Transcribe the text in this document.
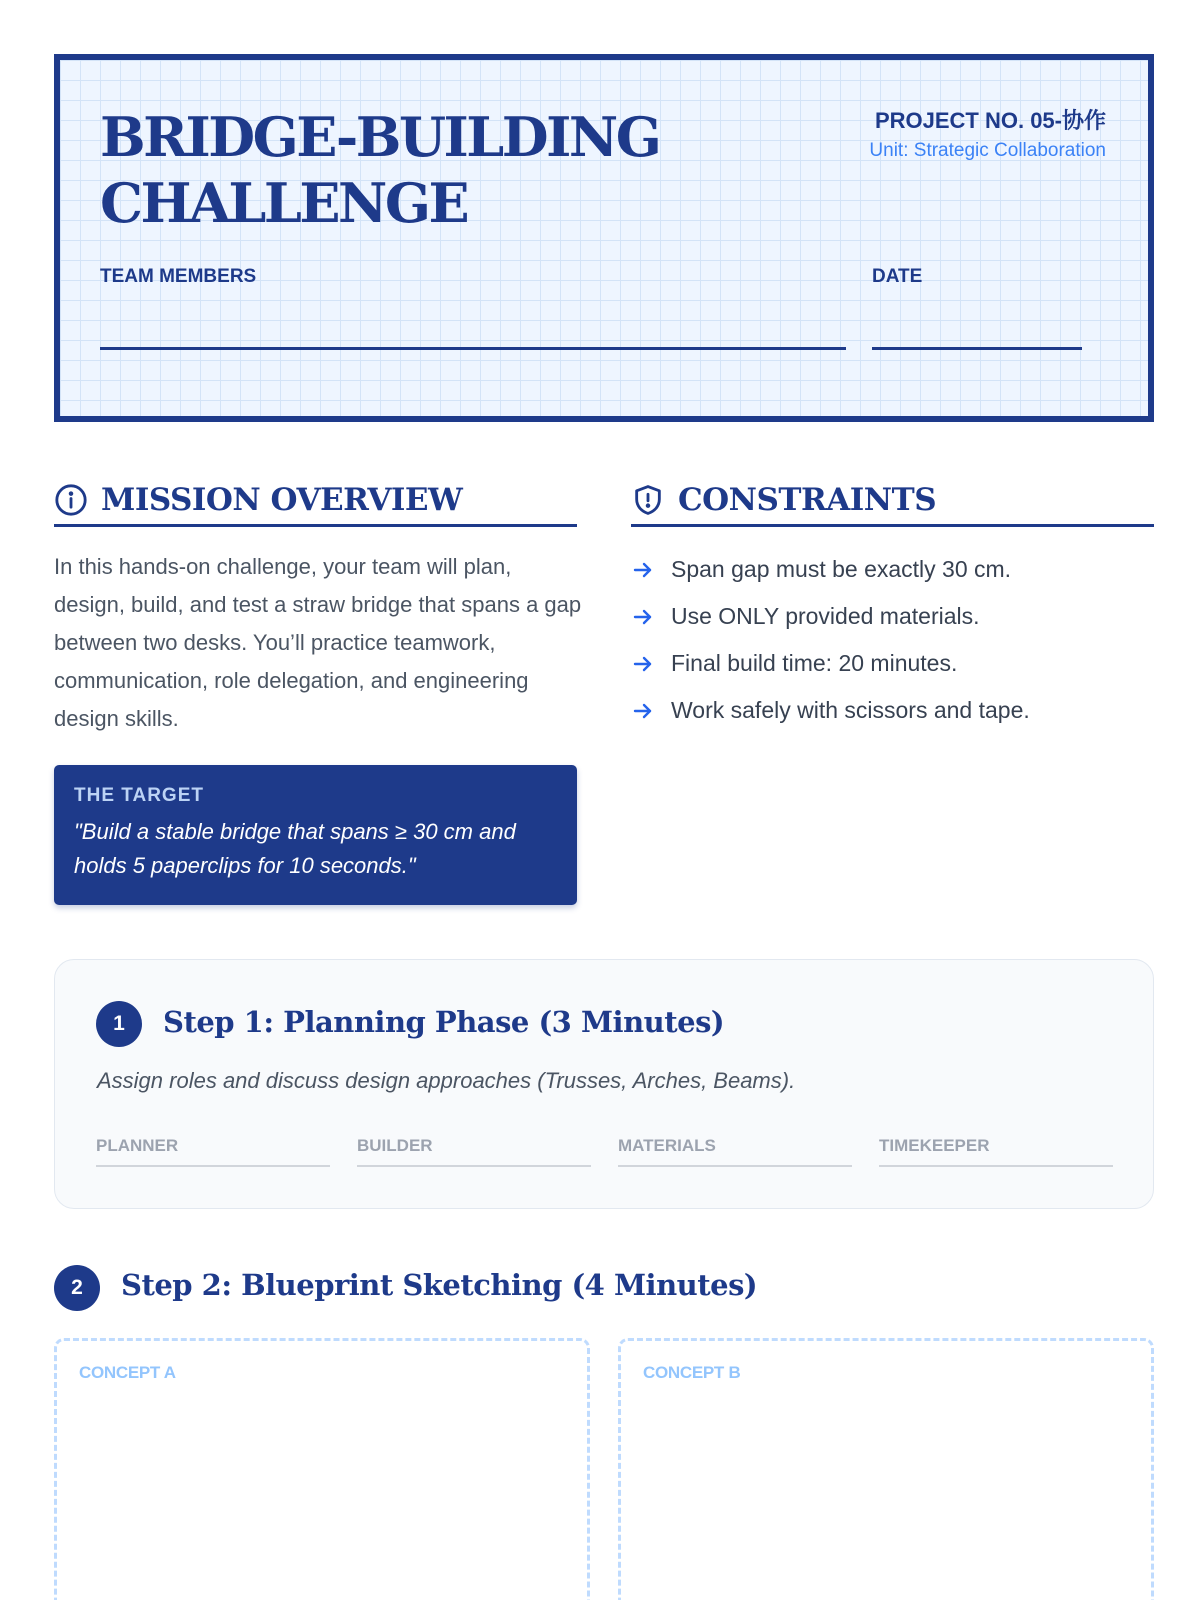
BRIDGE-BUILDING
CHALLENGE
PROJECT NO. 05-协作
Unit: Strategic Collaboration
TEAM MEMBERS	DATE
MISSION OVERVIEW

In this hands-on challenge, your team will plan, design, build, and test a straw bridge that spans a gap between two desks. You’ll practice teamwork, communication, role delegation, and engineering design skills.

THE TARGET
"Build a stable bridge that spans ≥ 30 cm and holds 5 paperclips for 10 seconds."
CONSTRAINTS
Span gap must be exactly 30 cm.
Use ONLY provided materials.
Final build time: 20 minutes.
Work safely with scissors and tape.
1	Step 1: Planning Phase (3 Minutes)
Assign roles and discuss design approaches (Trusses, Arches, Beams).
PLANNER	BUILDER	MATERIALS	TIMEKEEPER
2	Step 2: Blueprint Sketching (4 Minutes)
CONCEPT A	CONCEPT B
